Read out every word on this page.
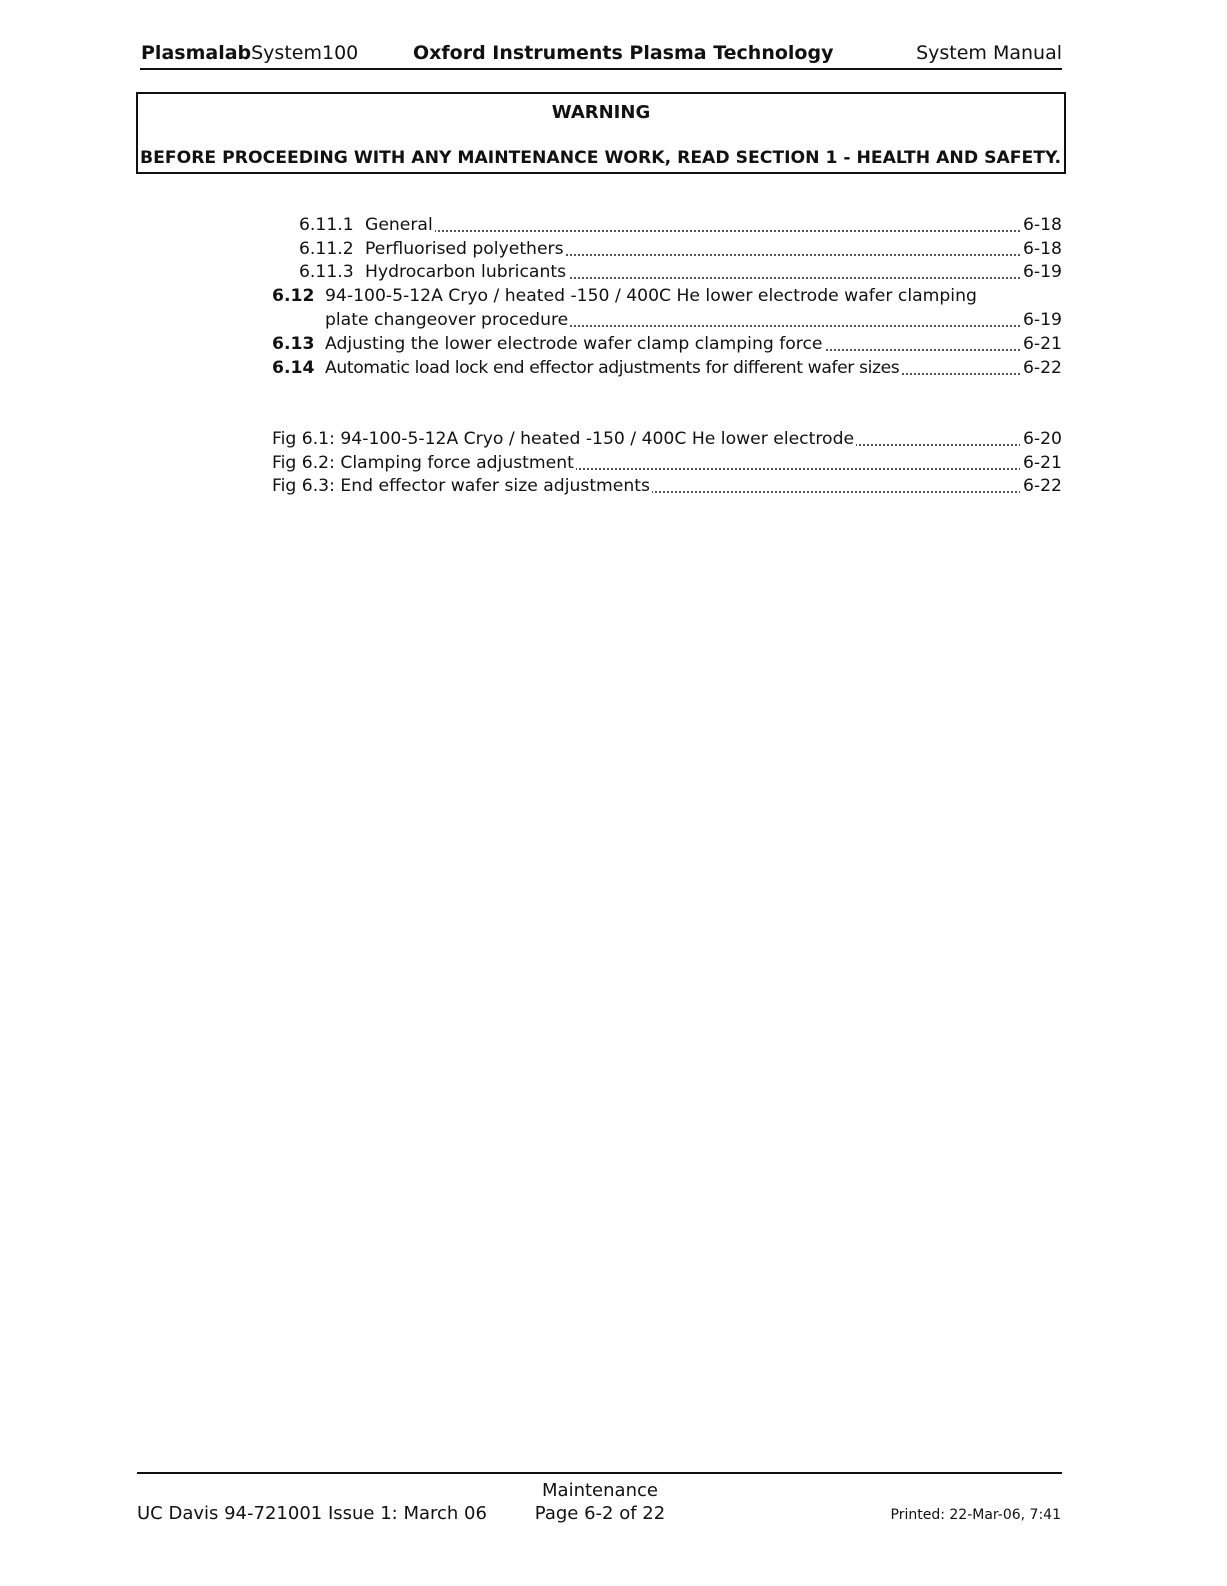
PlasmalabSystem100	Oxford Instruments Plasma Technology	System Manual
WARNING
BEFORE PROCEEDING WITH ANY MAINTENANCE WORK, READ SECTION 1 - HEALTH AND SAFETY.
6.11.1 General	6-18
6.11.2 Perfluorised polyethers	6-18
6.11.3 Hydrocarbon lubricants	6-19
6.12 94-100-5-12A Cryo / heated -150 / 400C He lower electrode wafer clamping
plate changeover procedure	6-19
6.13 Adjusting the lower electrode wafer clamp clamping force	6-21
6.14 Automatic load lock end effector adjustments for different wafer sizes	6-22
Fig 6.1: 94-100-5-12A Cryo / heated -150 / 400C He lower electrode	6-20
Fig 6.2: Clamping force adjustment	6-21
Fig 6.3: End effector wafer size adjustments	6-22
Maintenance
UC Davis 94-721001 Issue 1: March 06	Page 6-2 of 22	Printed: 22-Mar-06, 7:41
